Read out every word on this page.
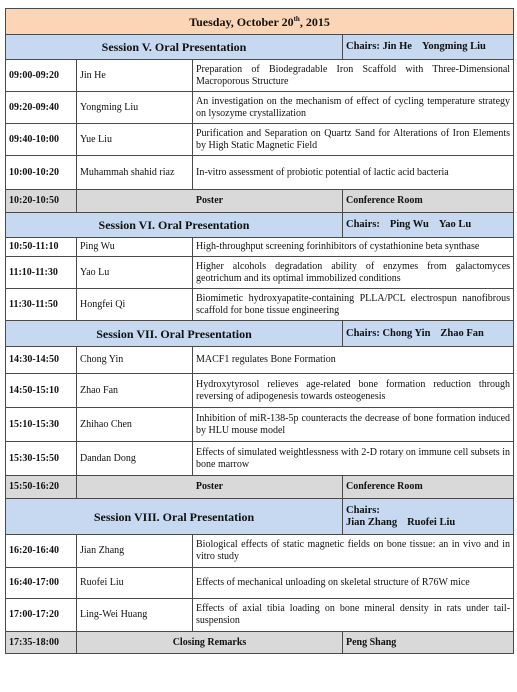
Tuesday, October 20th, 2015			
Session V. Oral Presentation			Chairs: Jin He Yongming Liu
09:00-09:20	Jin He	Preparation of Biodegradable Iron Scaffold with Three-Dimensional Macroporous Structure	
09:20-09:40	Yongming Liu	An investigation on the mechanism of effect of cycling temperature strategy on lysozyme crystallization	
09:40-10:00	Yue Liu	Purification and Separation on Quartz Sand for Alterations of Iron Elements by High Static Magnetic Field	
10:00-10:20	Muhammah shahid riaz	In-vitro assessment of probiotic potential of lactic acid bacteria	
10:20-10:50	Poster		Conference Room
Session VI. Oral Presentation			Chairs: Ping Wu Yao Lu
10:50-11:10	Ping Wu	High-throughput screening forinhibitors of cystathionine beta synthase	
11:10-11:30	Yao Lu	Higher alcohols degradation ability of enzymes from galactomyces geotrichum and its optimal immobilized conditions	
11:30-11:50	Hongfei Qi	Biomimetic hydroxyapatite-containing PLLA/PCL electrospun nanofibrous scaffold for bone tissue engineering	
Session VII. Oral Presentation			Chairs: Chong Yin Zhao Fan
14:30-14:50	Chong Yin	MACF1 regulates Bone Formation	
14:50-15:10	Zhao Fan	Hydroxytyrosol relieves age-related bone formation reduction through reversing of adipogenesis towards osteogenesis	
15:10-15:30	Zhihao Chen	Inhibition of miR-138-5p counteracts the decrease of bone formation induced by HLU mouse model	
15:30-15:50	Dandan Dong	Effects of simulated weightlessness with 2-D rotary on immune cell subsets in bone marrow	
15:50-16:20	Poster		Conference Room
Session VIII. Oral Presentation			Chairs:
Jian Zhang Ruofei Liu

16:20-16:40	Jian Zhang	Biological effects of static magnetic fields on bone tissue: an in vivo and in vitro study	
16:40-17:00	Ruofei Liu	Effects of mechanical unloading on skeletal structure of R76W mice	
17:00-17:20	Ling-Wei Huang	Effects of axial tibia loading on bone mineral density in rats under tail-suspension	
17:35-18:00	Closing Remarks		Peng Shang
